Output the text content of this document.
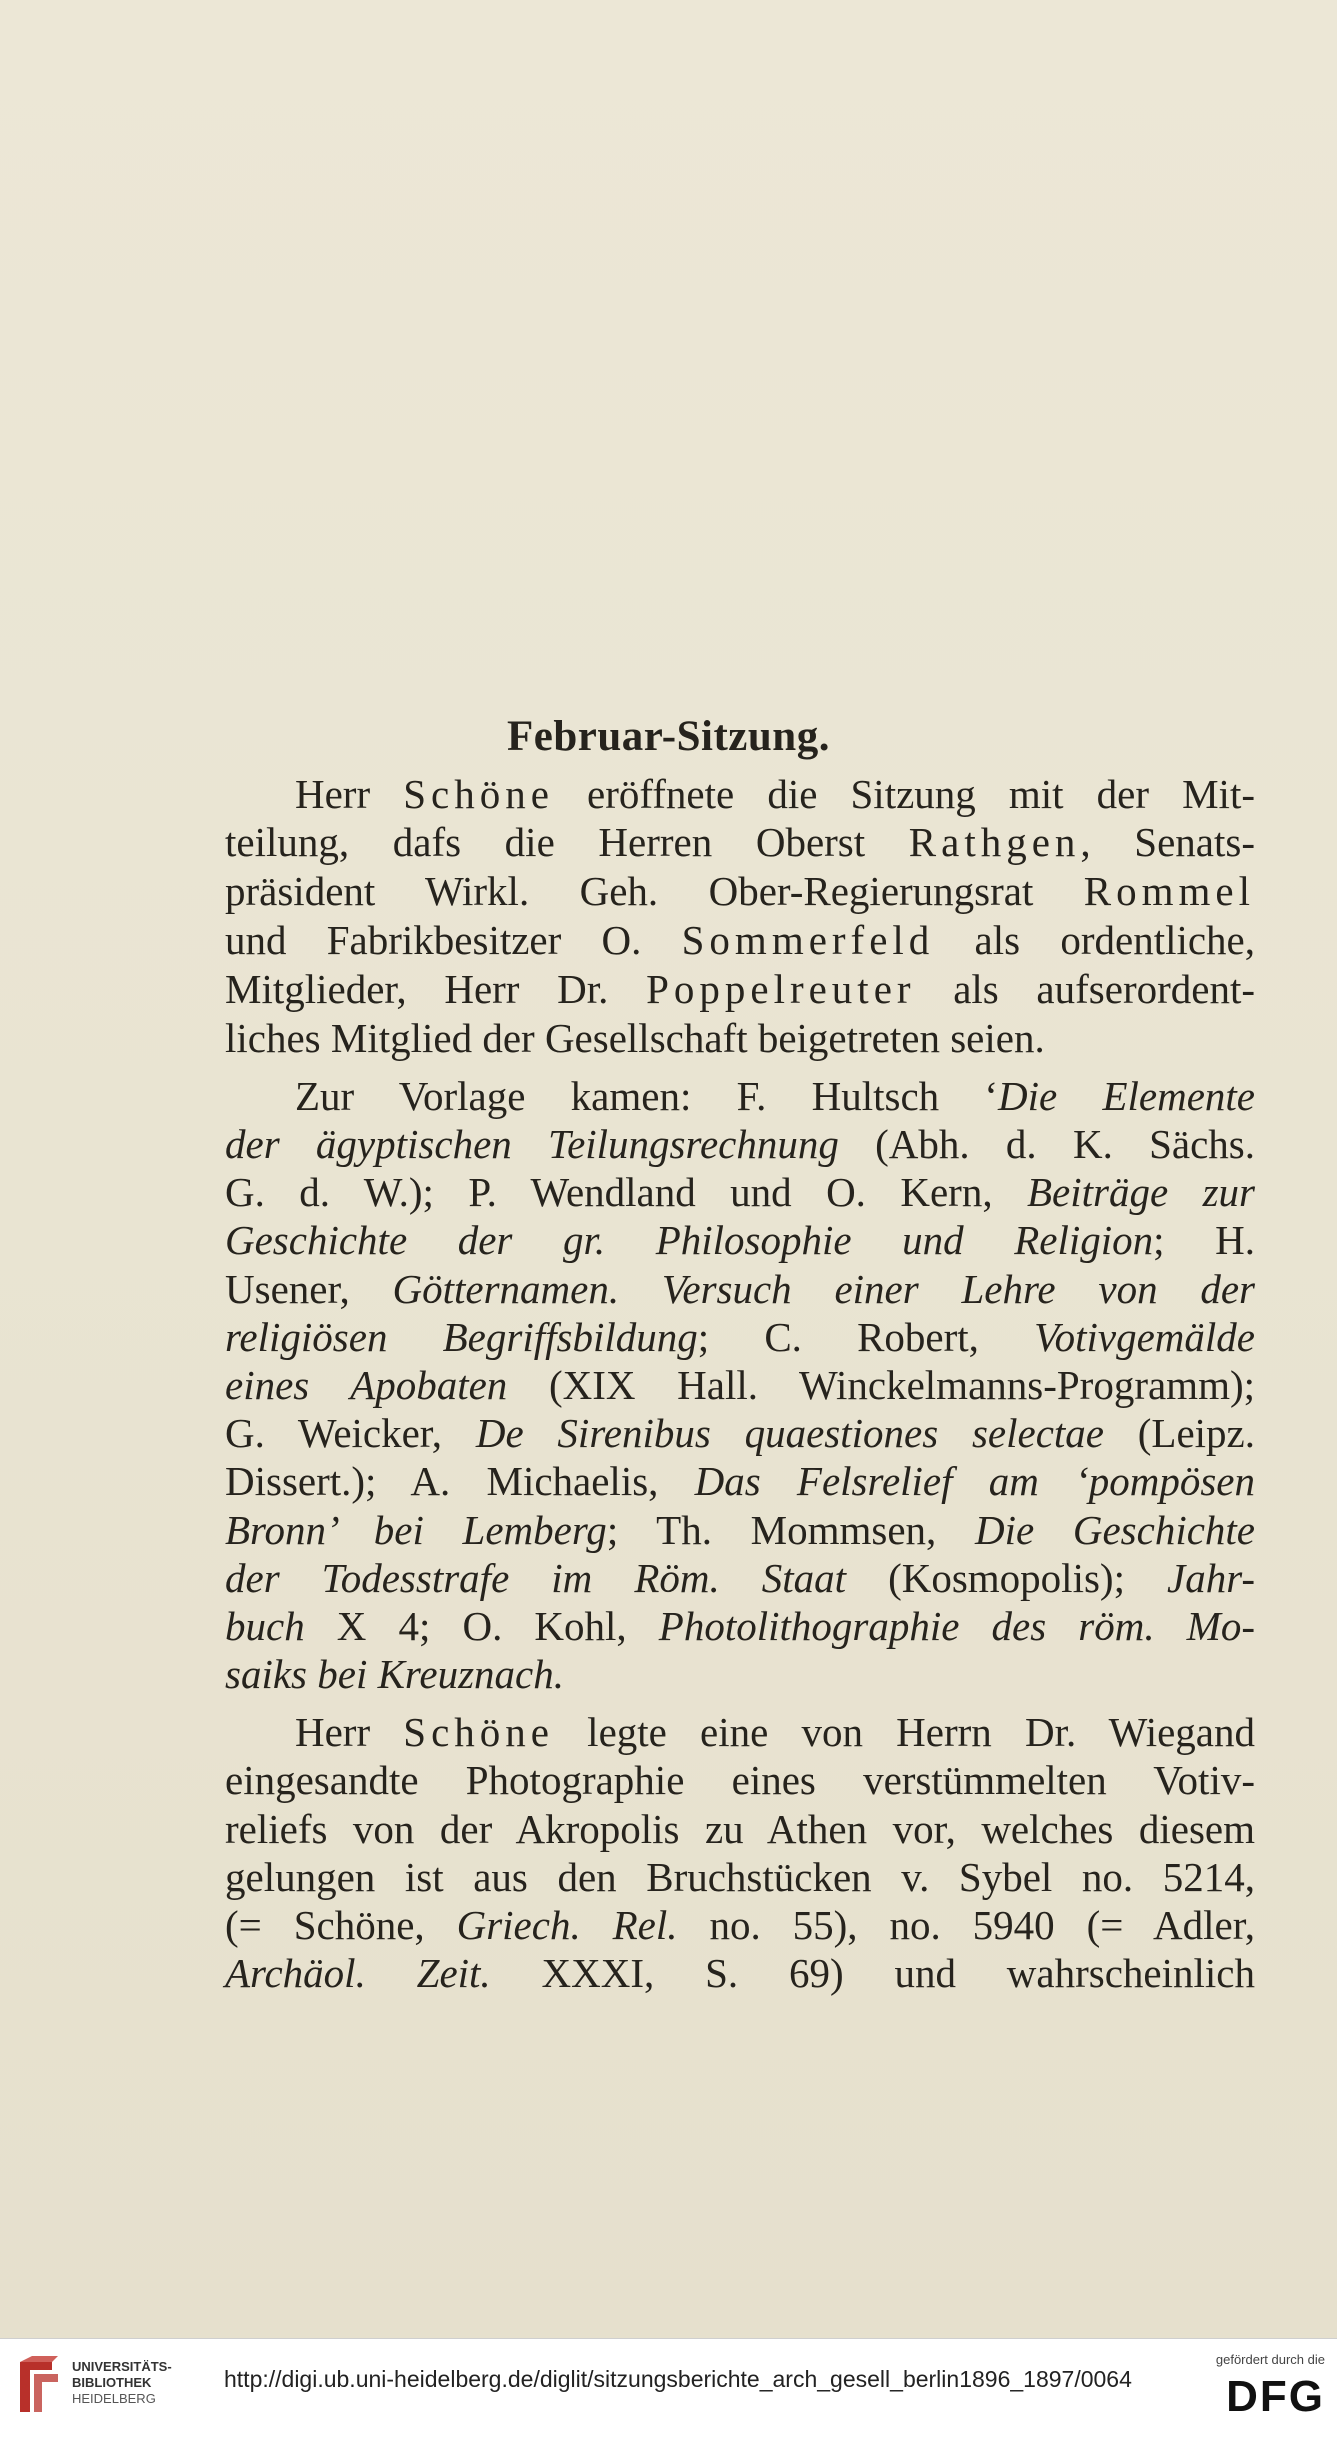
Februar-Sitzung.
Herr Schöne eröffnete die Sitzung mit der Mit-
teilung, dafs die Herren Oberst Rathgen, Senats-
präsident Wirkl. Geh. Ober-Regierungsrat Rommel
und Fabrikbesitzer O. Sommerfeld als ordentliche,
Mitglieder, Herr Dr. Poppelreuter als aufserordent-
liches Mitglied der Gesellschaft beigetreten seien.
Zur Vorlage kamen: F. Hultsch ‘Die Elemente
der ägyptischen Teilungsrechnung (Abh. d. K. Sächs.
G. d. W.); P. Wendland und O. Kern, Beiträge zur
Geschichte der gr. Philosophie und Religion; H.
Usener, Götternamen. Versuch einer Lehre von der
religiösen Begriffsbildung; C. Robert, Votivgemälde
eines Apobaten (XIX Hall. Winckelmanns-Programm);
G. Weicker, De Sirenibus quaestiones selectae (Leipz.
Dissert.); A. Michaelis, Das Felsrelief am ‘pompösen
Bronn’ bei Lemberg; Th. Mommsen, Die Geschichte
der Todesstrafe im Röm. Staat (Kosmopolis); Jahr-
buch X 4; O. Kohl, Photolithographie des röm. Mo-
saiks bei Kreuznach.
Herr Schöne legte eine von Herrn Dr. Wiegand
eingesandte Photographie eines verstümmelten Votiv-
reliefs von der Akropolis zu Athen vor, welches diesem
gelungen ist aus den Bruchstücken v. Sybel no. 5214,
(= Schöne, Griech. Rel. no. 55), no. 5940 (= Adler,
Archäol. Zeit. XXXI, S. 69) und wahrscheinlich
UNIVERSITÄTS-
BIBLIOTHEK
HEIDELBERG
http://digi.ub.uni-heidelberg.de/diglit/sitzungsberichte_arch_gesell_berlin1896_1897/0064
gefördert durch die
DFG
